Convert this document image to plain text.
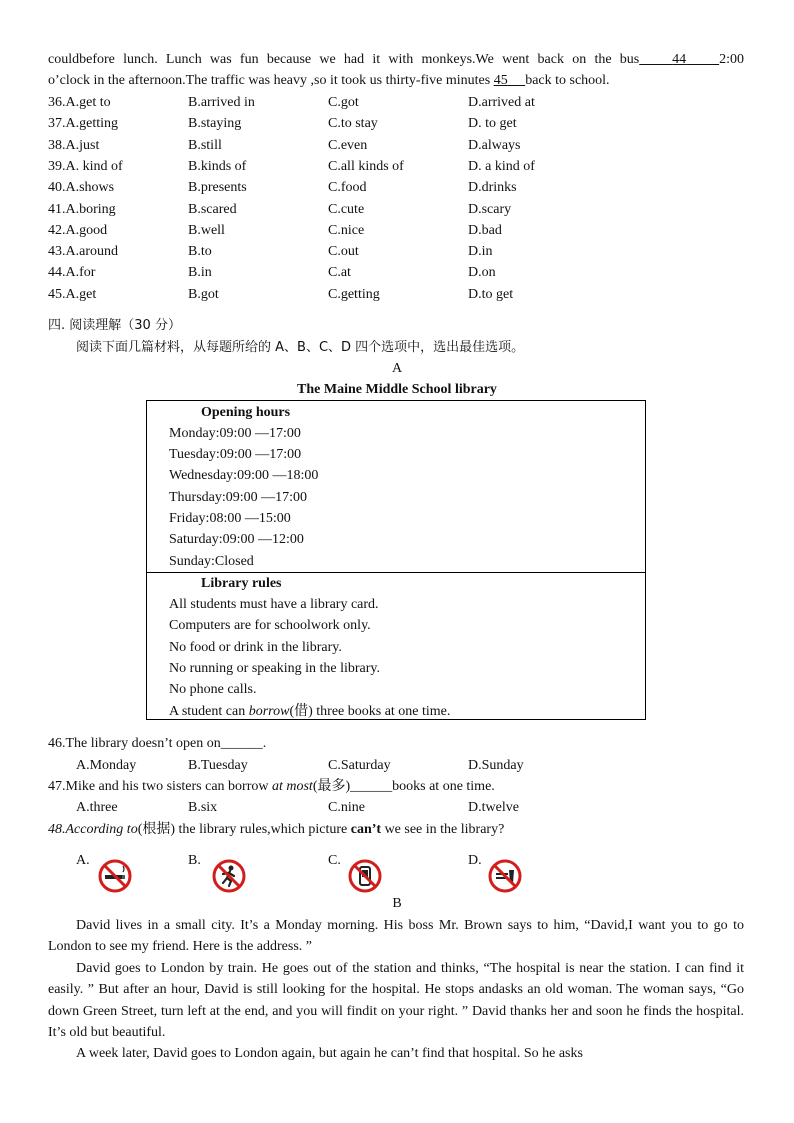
couldbefore lunch. Lunch was fun because we had it with monkeys.We went back on the bus 44 2:00
o’clock in the afternoon.The traffic was heavy ,so it took us thirty-five minutes 45 back to school.
36.A.get to	B.arrived in	C.got	D.arrived at
37.A.getting	B.staying	C.to stay	D. to get
38.A.just	B.still	C.even	D.always
39.A. kind of	B.kinds of	C.all kinds of	D. a kind of
40.A.shows	B.presents	C.food	D.drinks
41.A.boring	B.scared	C.cute	D.scary
42.A.good	B.well	C.nice	D.bad
43.A.around	B.to	C.out	D.in
44.A.for	B.in	C.at	D.on
45.A.get	B.got	C.getting	D.to get
四. 阅读理解（30 分）
阅读下面几篇材料，从每题所给的 A、B、C、D 四个选项中，选出最佳选项。
A
The Maine Middle School library
Opening hours
Monday:09:00 —17:00
Tuesday:09:00 —17:00
Wednesday:09:00 —18:00
Thursday:09:00 —17:00
Friday:08:00 —15:00
Saturday:09:00 —12:00
Sunday:Closed
Library rules
All students must have a library card.
Computers are for schoolwork only.
No food or drink in the library.
No running or speaking in the library.
No phone calls.
A student can borrow(借) three books at one time.
46.The library doesn’t open on______.
A.Monday	B.Tuesday	C.Saturday	D.Sunday
47.Mike and his two sisters can borrow at most(最多)______books at one time.
A.three	B.six	C.nine	D.twelve
48.According to(根据) the library rules,which picture can’t we see in the library?
A.	B.	C.	D.
B
David lives in a small city. It’s a Monday morning. His boss Mr. Brown says to him, “David,I want you to go to London to see my friend. Here is the address. ”
David goes to London by train. He goes out of the station and thinks, “The hospital is near the station. I can find it easily. ” But after an hour, David is still looking for the hospital. He stops andasks an old woman. The woman says, “Go down Green Street, turn left at the end, and you will findit on your right. ” David thanks her and soon he finds the hospital. It’s old but beautiful.
A week later, David goes to London again, but again he can’t find that hospital. So he asks
